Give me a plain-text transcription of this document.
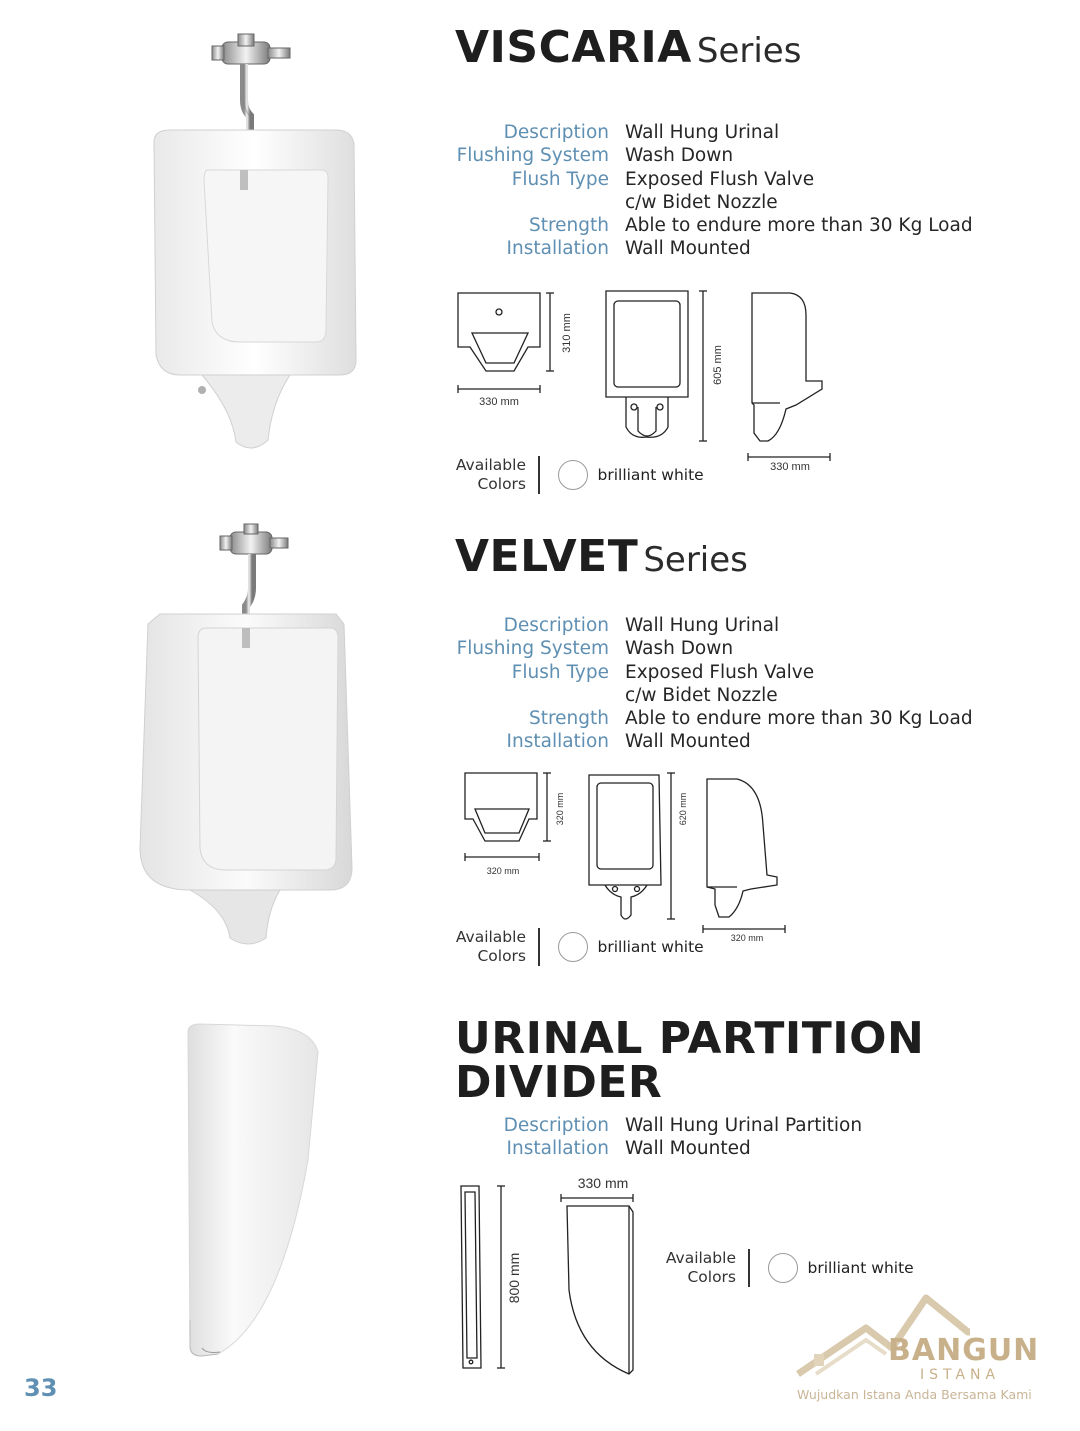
VISCARIA Series
Description Wall Hung Urinal
Flushing System Wash Down
Flush Type Exposed Flush Valve
c/w Bidet Nozzle
Strength Able to endure more than 30 Kg Load
Installation Wall Mounted
310 mm
330 mm
605 mm
330 mm
Available
Colors	brilliant white
VELVET Series
Description Wall Hung Urinal
Flushing System Wash Down
Flush Type Exposed Flush Valve
c/w Bidet Nozzle
Strength Able to endure more than 30 Kg Load
Installation Wall Mounted
320 mm
320 mm
620 mm
320 mm
Available
Colors	brilliant white
URINAL PARTITION
DIVIDER
Description Wall Hung Urinal Partition
Installation Wall Mounted
800 mm
330 mm
Available
Colors	brilliant white
33
BANGUN
ISTANA
Wujudkan Istana Anda Bersama Kami
